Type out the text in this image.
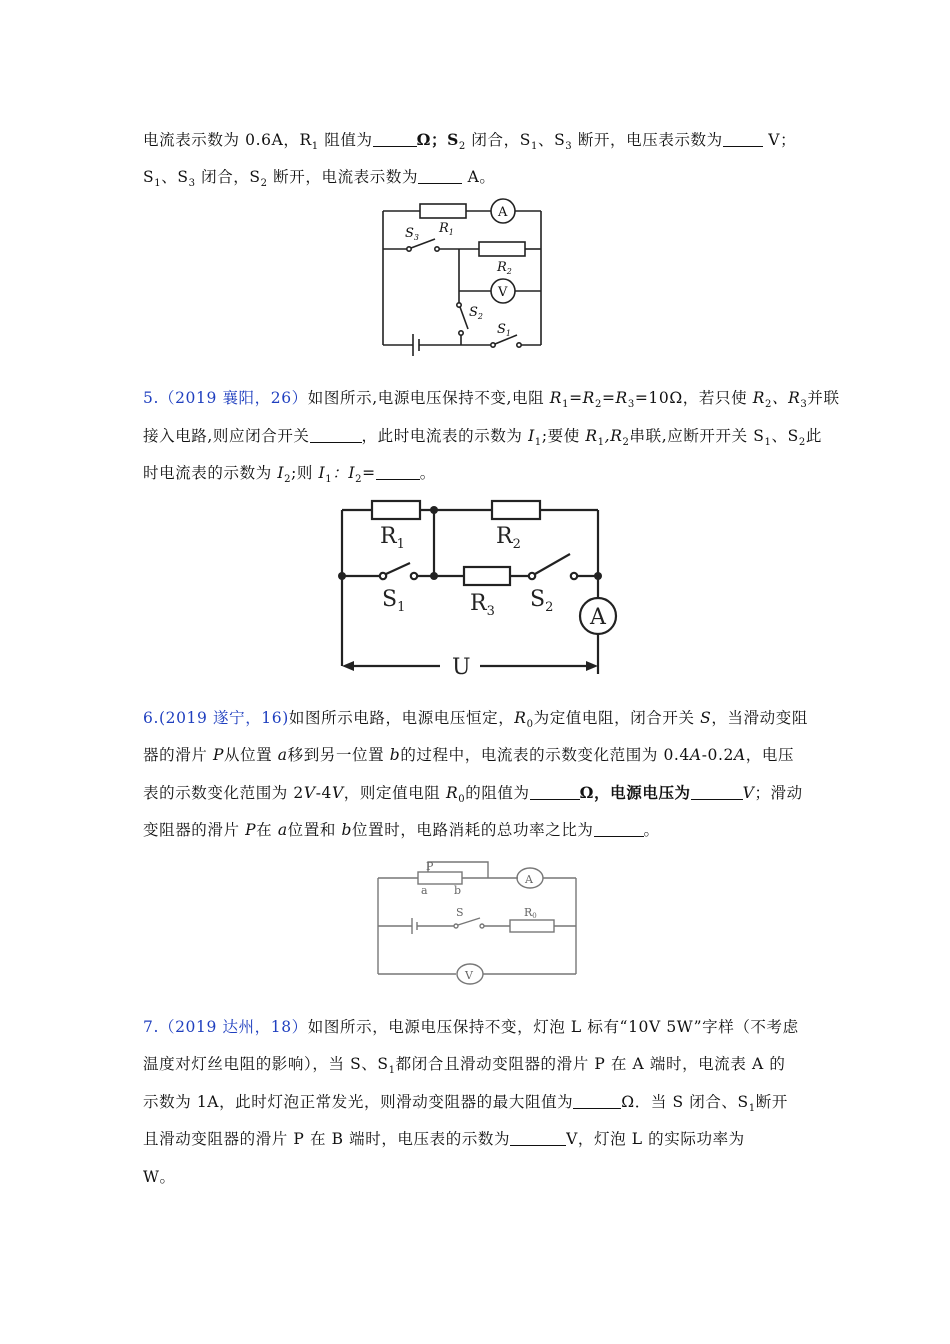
电流表示数为 0.6A，$R_1$ 阻值为	Ω；$S_2$ 闭合，$S_1$、$S_3$ 断开，电压表示数为	V；
$S_1$、$S_3$ 闭合，$S_2$ 断开，电流表示数为	A。
A
V
$R_1$
$R_2$
$S_3$
$S_2$
$S_1$
5.（2019 襄阳，26）如图所示,电源电压保持不变,电阻 $R_1=R_2=R_3=10\Omega$，若只使 $R_2$、$R_3$并联
接入电路,则应闭合开关	，此时电流表的示数为 $I_1$;要使 $R_1,R_2$串联,应断开开关 $S_1$、$S_2$此
时电流表的示数为 $I_2$;则 $I_1$：$I_2=$	。
$R_1$	$R_2$
$R_3$
$S_1$	$S_2$ A
U
6.(2019 遂宁，16)如图所示电路，电源电压恒定，$R_0$为定值电阻，闭合开关 S，当滑动变阻
器的滑片 P从位置 a移到另一位置 b的过程中，电流表的示数变化范围为 0.4A-0.2A，电压
表的示数变化范围为 2V-4V，则定值电阻 $R_0$的阻值为	Ω，电源电压为	V；滑动
变阻器的滑片 P在 a位置和 b位置时，电路消耗的总功率之比为	。
P
a b
A
S	R0
V
7.（2019 达州，18）如图所示，电源电压保持不变，灯泡 L 标有“10V 5W”字样（不考虑
温度对灯丝电阻的影响），当 S、$S_1$都闭合且滑动变阻器的滑片 P 在 A 端时，电流表 A 的
示数为 1A，此时灯泡正常发光，则滑动变阻器的最大阻值为	Ω．当 S 闭合、$S_1$断开
且滑动变阻器的滑片 P 在 B 端时，电压表的示数为	V，灯泡 L 的实际功率为
W。
